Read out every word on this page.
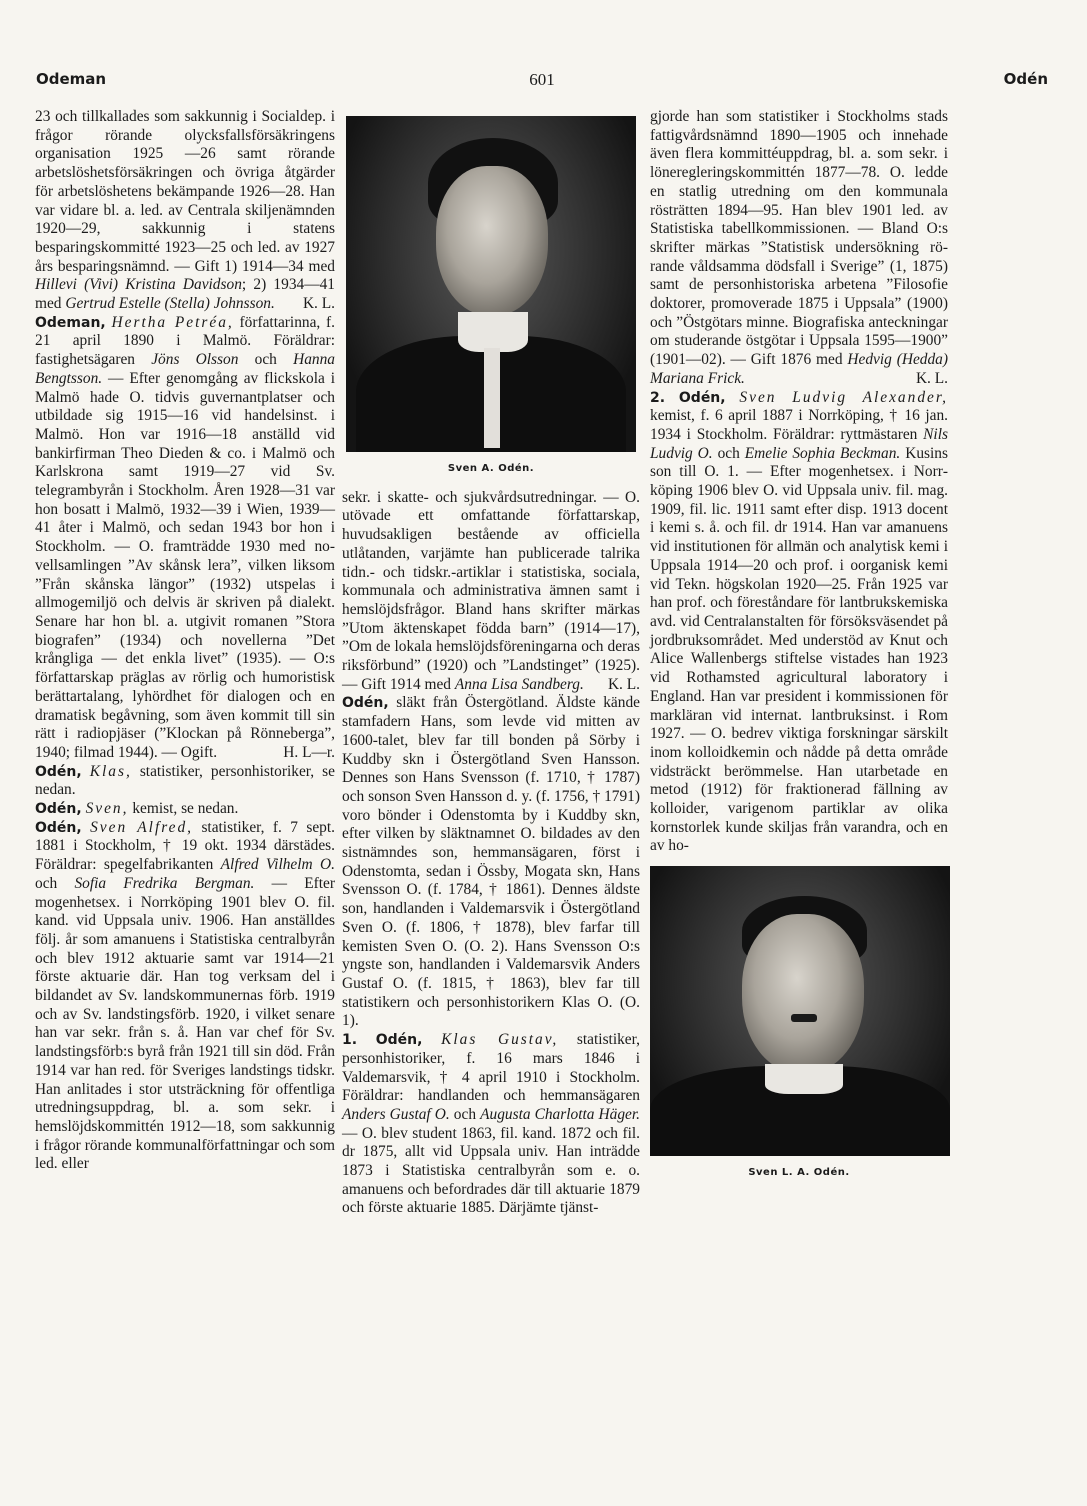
Odeman	601	Odén

23 och tillkallades som sakkunnig i Socialdep. i frågor rörande olycksfallsförsäkringens organisation 1925 —26 samt rörande arbetslöshetsförsäkringen och övriga åtgärder för arbetslöshetens bekämpande 1926—28. Han var vidare bl. a. led. av Centrala skiljenämnden 1920—29, sakkunnig i statens besparingskommitté 1923—25 och led. av 1927 års besparingsnämnd. — Gift 1) 1914—34 med Hillevi (Vivi) Kristina Davidson; 2) 1934—41 med Gertrud Estelle (Stella) Johnsson. K. L.

Odeman, Hertha Petréa, författarinna, f. 21 april 1890 i Malmö. Föräldrar: fastighetsägaren Jöns Olsson och Hanna Bengtsson. — Efter genomgång av flickskola i Malmö hade O. tidvis guvernantplatser och utbildade sig 1915—16 vid handelsinst. i Malmö. Hon var 1916—18 anställd vid bankirfirman Theo Dieden & co. i Malmö och Karlskrona samt 1919—27 vid Sv. telegrambyrån i Stockholm. Åren 1928—31 var hon bosatt i Malmö, 1932—39 i Wien, 1939—41 åter i Malmö, och sedan 1943 bor hon i Stockholm. — O. framträdde 1930 med novellsamlingen ”Av skånsk lera”, vilken liksom ”Från skånska längor” (1932) utspelas i allmogemiljö och delvis är skriven på dialekt. Senare har hon bl. a. utgivit romanen ”Stora biografen” (1934) och novellerna ”Det krångliga — det enkla livet” (1935). — O:s författarskap präglas av rörlig och humoristisk berättartalang, lyhördhet för dialogen och en dramatisk begåvning, som även kommit till sin rätt i radiopjäser (”Klockan på Rönneberga”, 1940; filmad 1944). — Ogift.	H. L—r.

Odén, Klas, statistiker, personhistoriker, se nedan.

Odén, Sven, kemist, se nedan.

Odén, Sven Alfred, statistiker, f. 7 sept. 1881 i Stockholm, † 19 okt. 1934 därstädes. Föräldrar: spegelfabrikanten Alfred Vilhelm O. och Sofia Fredrika Bergman. — Efter mogenhetsex. i Norrköping 1901 blev O. fil. kand. vid Uppsala univ. 1906. Han anställdes följ. år som amanuens i Statistiska centralbyrån och blev 1912 aktuarie samt var 1914—21 förste aktuarie där. Han tog verksam del i bildandet av Sv. landskommunernas förb. 1919 och av Sv. landstingsförb. 1920, i vilket senare han var sekr. från s. å. Han var chef för Sv. landstingsförb:s byrå från 1921 till sin död. Från 1914 var han red. för Sveriges landstings tidskr. Han anlitades i stor utsträckning för offentliga utredningsuppdrag, bl. a. som sekr. i hemslöjdskommittén 1912—18, som sakkunnig i frågor rörande kommunalförfattningar och som led. eller

Sven A. Odén.

sekr. i skatte- och sjukvårdsutredningar. — O. utövade ett omfattande författarskap, huvudsakligen bestående av officiella utlåtanden, varjämte han publicerade talrika tidn.- och tidskr.-artiklar i statistiska, sociala, kommunala och administrativa ämnen samt i hemslöjdsfrågor. Bland hans skrifter märkas ”Utom äktenskapet födda barn” (1914—17), ”Om de lokala hemslöjdsföreningarna och deras riksförbund” (1920) och ”Landstinget” (1925). — Gift 1914 med Anna Lisa Sandberg. K. L.

Odén, släkt från Östergötland. Äldste kände stamfadern Hans, som levde vid mitten av 1600-talet, blev far till bonden på Sörby i Kuddby skn i Östergötland Sven Hansson. Dennes son Hans Svensson (f. 1710, † 1787) och sonson Sven Hansson d. y. (f. 1756, † 1791) voro bönder i Odenstomta by i Kuddby skn, efter vilken by släktnamnet O. bildades av den sistnämndes son, hemmansägaren, först i Odenstomta, sedan i Össby, Mogata skn, Hans Svensson O. (f. 1784, † 1861). Dennes äldste son, handlanden i Valdemarsvik i Östergötland Sven O. (f. 1806, † 1878), blev farfar till kemisten Sven O. (O. 2). Hans Svensson O:s yngste son, handlanden i Valdemarsvik Anders Gustaf O. (f. 1815, † 1863), blev far till statistikern och personhistorikern Klas O. (O. 1).

1. Odén, Klas Gustav, statistiker, personhistoriker, f. 16 mars 1846 i Valdemarsvik, † 4 april 1910 i Stockholm. Föräldrar: handlanden och hemmansägaren Anders Gustaf O. och Augusta Charlotta Häger. — O. blev student 1863, fil. kand. 1872 och fil. dr 1875, allt vid Uppsala univ. Han inträdde 1873 i Statistiska centralbyrån som e. o. amanuens och befordrades där till aktuarie 1879 och förste aktuarie 1885. Därjämte tjänst-

gjorde han som statistiker i Stockholms stads fattigvårdsnämnd 1890—1905 och innehade även flera kommittéuppdrag, bl. a. som sekr. i löneregleringskommittén 1877—78. O. ledde en statlig utredning om den kommunala rösträtten 1894—95. Han blev 1901 led. av Statistiska tabellkommissionen. — Bland O:s skrifter märkas ”Statistisk undersökning rörande våldsamma dödsfall i Sverige” (1, 1875) samt de personhistoriska arbetena ”Filosofie doktorer, promoverade 1875 i Uppsala” (1900) och ”Östgötars minne. Biografiska anteckningar om studerande östgötar i Uppsala 1595—1900” (1901—02). — Gift 1876 med Hedvig (Hedda) Mariana Frick.	K. L.

2. Odén, Sven Ludvig Alexander, kemist, f. 6 april 1887 i Norrköping, † 16 jan. 1934 i Stockholm. Föräldrar: ryttmästaren Nils Ludvig O. och Emelie Sophia Beckman. Kusins son till O. 1. — Efter mogenhetsex. i Norrköping 1906 blev O. vid Uppsala univ. fil. mag. 1909, fil. lic. 1911 samt efter disp. 1913 docent i kemi s. å. och fil. dr 1914. Han var amanuens vid institutionen för allmän och analytisk kemi i Uppsala 1914—20 och prof. i oorganisk kemi vid Tekn. högskolan 1920—25. Från 1925 var han prof. och föreståndare för lantbrukskemiska avd. vid Centralanstalten för försöksväsendet på jordbruksområdet. Med understöd av Knut och Alice Wallenbergs stiftelse vistades han 1923 vid Rothamsted agricultural laboratory i England. Han var president i kommissionen för markläran vid internat. lantbruksinst. i Rom 1927. — O. bedrev viktiga forskningar särskilt inom kolloidkemin och nådde på detta område vidsträckt berömmelse. Han utarbetade en metod (1912) för fraktionerad fällning av kolloider, varigenom partiklar av olika kornstorlek kunde skiljas från varandra, och en av ho-

Sven L. A. Odén.
